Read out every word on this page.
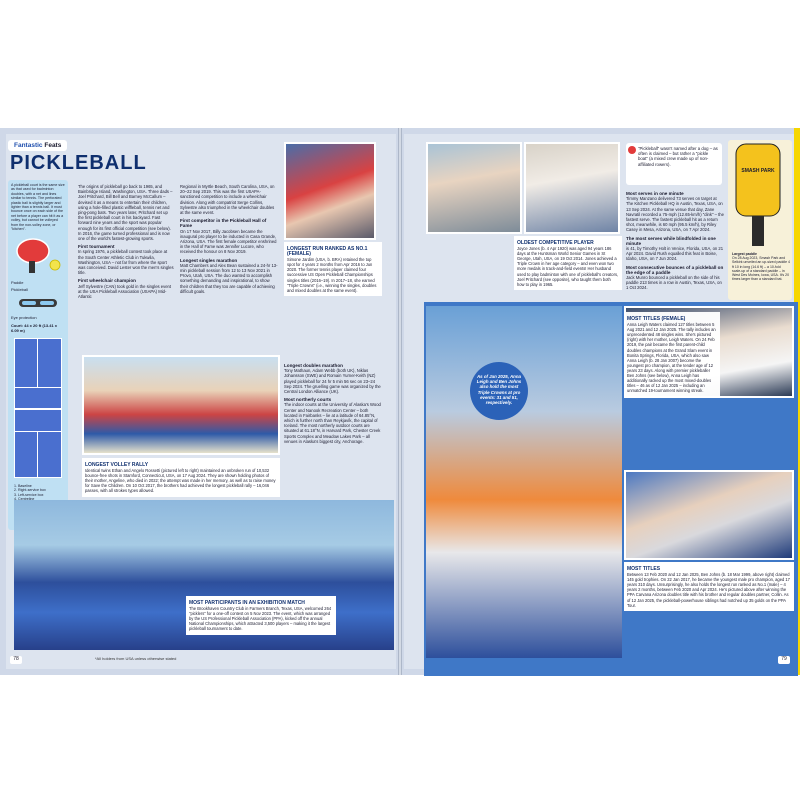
Fantastic Feats
PICKLEBALL
A pickleball court is the same size as that used for badminton doubles, with a net and lines similar to tennis. The perforated plastic ball is slightly larger and lighter than a tennis ball. It must bounce once on each side of the net before a player can hit it as a volley, but cannot be volleyed from the non-volley zone, or "kitchen".
Paddle
Pickleball
Eye protection
Court: 44 x 20 ft (13.41 x 6.09 m)
1. Baseline
2. Right-service box
3. Left-service box
The origins of pickleball go back to 1965, and Bainbridge Island, Washington, USA. Three dads – Joel Pritchard, Bill Bell and Barney McCallum – devised it as a means to entertain their children, using a hole-filled plastic wiffleball, tennis net and ping-pong bats. Two years later, Pritchard set up the first pickleball court in his backyard. Fast forward nine years and the sport was popular enough for its first official competition (see below). In 2016, the game turned professional and is now one of the world's fastest-growing sports.
First tournament
In spring 1976, a pickleball contest took place at the South Center Athletic Club in Tukwila, Washington, USA – not far from where the sport was conceived. David Lester won the men's singles title.
First wheelchair champion
Jeff Sylvestre (CAN) took gold in the singles event at the USA Pickleball Association (USAPA) Mid-Atlantic
Regional in Myrtle Beach, South Carolina, USA, on 20–22 Sep 2019. This was the first USAPA-sanctioned competition to include a wheelchair division. Along with compatriot Serge Collins, Sylvestre also triumphed in the wheelchair doubles at the same event.
First competitor in the Pickleball Hall of Fame
On 17 Nov 2017, Billy Jacobsen became the inaugural pro player to be inducted in Casa Grande, Arizona, USA. The first female competitor enshrined in the Hall of Fame was Jennifer Lucore, who received the honour on 8 Nov 2019.
Longest singles marathon
Matt Chambers and Alex Bean sustained a 24-hr 13-min pickleball session from 12 to 13 Nov 2021 in Provo, Utah, USA. The duo wanted to accomplish something demanding and inspirational, to show their children that they too are capable of achieving difficult goals.
LONGEST RUN RANKED AS NO.1 (FEMALE)
Simone Jardim (USA, b. BRA) retained the top spot for 4 years 2 months from Apr 2016 to Jun 2020. The former tennis player claimed four successive US Open Pickleball Championships singles titles (2016–19). In 2017–18, she earned "Triple Crowns" (i.e., winning the singles, doubles and mixed doubles at the same event).
Longest doubles marathon
Tony Mathaun, Adam Webb (both UK), Niklas Johansson (SWE) and Romain Yurner-Keith (NZ) played pickleball for 24 hr 5 min 56 sec on 23–24 Sep 2024. The gruelling game was organized by the Central London Alliance (UK).
Most northerly courts
The indoor courts at the University of Alaska's Wood Center and Nanook Recreation Center – both located in Fairbanks – lie at a latitude of 64.85°N, which is further north than Reykjavík, the capital of Iceland. The most northerly outdoor courts are situated at 61.18°N, in Harvard Park, Chester Creek Sports Complex and Meadow Lakes Park – all venues in Alaska's biggest city, Anchorage.
LONGEST VOLLEY RALLY
Identical twins Ethan and Angelo Rossetti (pictured left to right) maintained an unbroken run of 10,532 bounce-free shots in Stamford, Connecticut, USA, on 17 Aug 2024. They are shown holding photos of their mother, Angeline, who died in 2022; the attempt was made in her memory, as well as to raise money for Save the Children. On 10 Oct 2017, the brothers had achieved the longest pickleball rally – 16,046 passes, with all strokes types allowed.
MOST PARTICIPANTS IN AN EXHIBITION MATCH
The Brookhaven Country Club in Farmers Branch, Texas, USA, welcomed 264 "picklers" for a one-off contest on 5 Nov 2023. The event, which was arranged by the US Professional Pickleball Association (PPA), kicked off the annual National Championships, which attracted 3,500 players – making it the largest pickleball tournament to date.
*All holders from USA unless otherwise stated
78
OLDEST COMPETITIVE PLAYER
Joyce Jones (b. 4 Apr 1920) was aged 94 years 186 days at the Huntsman World Senior Games in St George, Utah, USA, on 19 Oct 2014. Jones achieved a Triple Crown in her age category – and even won two more medals in track-and-field events! Her husband used to play badminton with one of pickleball's creators, Joel Pritchard (see opposite), who taught them both how to play in 1965.
"Pickleball" wasn't named after a dog – as often is claimed – but rather a "pickle boat" (a mixed crew made up of non-affiliated rowers).
Most serves in one minute
Timmy Manzano delivered 73 serves on target at The Kitchen Pickleball HQ in Austin, Texas, USA, on 13 Sep 2024. At the same venue that day, Zane Navratil recorded a 75-mph (12.65-km/h) "dink" – the fastest serve. The fastest pickleball hit as a return shot, meanwhile, is 60 mph (95.5 km/h), by Riley Casey in Mesa, Arizona, USA, on 7 Apr 2024.
The most serves while blindfolded in one minute
is 41, by Timothy Holt in Venice, Florida, USA, on 21 Apr 2024. David Rush equalled this feat in Boise, Idaho, USA, on 7 Jun 2024.
Most consecutive bounces of a pickleball on the edge of a paddle
Jack Munro bounced a pickleball on the side of his paddle 213 times in a row in Austin, Texas, USA, on 1 Oct 2024.
SMASH PARK
Largest paddle
On 28 Aug 2023, Smash Park and Selkirk unveiled an up-sized paddle 4 ft 10 in long (14.6 ft) – a 10-fold scale-up of a standard paddle – in West Des Moines, Iowa, USA. It's 20 times larger than a standard bat.
As of Jan 2025, Anna Leigh and Ben Johns also hold the most Triple Crowns at pro events: 31 and 51, respectively.
MOST TITLES (FEMALE)
Anna Leigh Waters claimed 127 titles between 5 Aug 2021 and 12 Jan 2025. The tally includes an unprecedented 48 singles wins. She's pictured (right) with her mother, Leigh Waters. On 24 Feb 2019, the pair became the first parent-child doubles champions at the Grand Slam event in Bonita Springs, Florida, USA, which also saw Anna Leigh (b. 28 Jan 2007) become the youngest pro champion, at the tender age of 12 years 23 days. Along with premier pickleballer Ben Johns (see below), Anna Leigh has additionally racked up the most mixed-doubles titles – 46 as of 12 Jan 2025 – including an unmatched 19-tournament winning streak.
MOST TITLES
Between 13 Feb 2020 and 12 Jan 2025, Ben Johns (b. 18 Mar 1999, above right) claimed 145 gold trophies. On 22 Jan 2017, he became the youngest male pro champion, aged 17 years 310 days. Unsurprisingly, he also holds the longest run ranked as No.1 (male) – 4 years 2 months, between Feb 2020 and Apr 2024. He's pictured above after winning the PPA Carvana Arizona doubles title with his brother and regular doubles partner, Collin. As of 12 Jan 2025, the pickleball-powerhouse siblings had notched up 35 golds on the PPA Tour.
79
